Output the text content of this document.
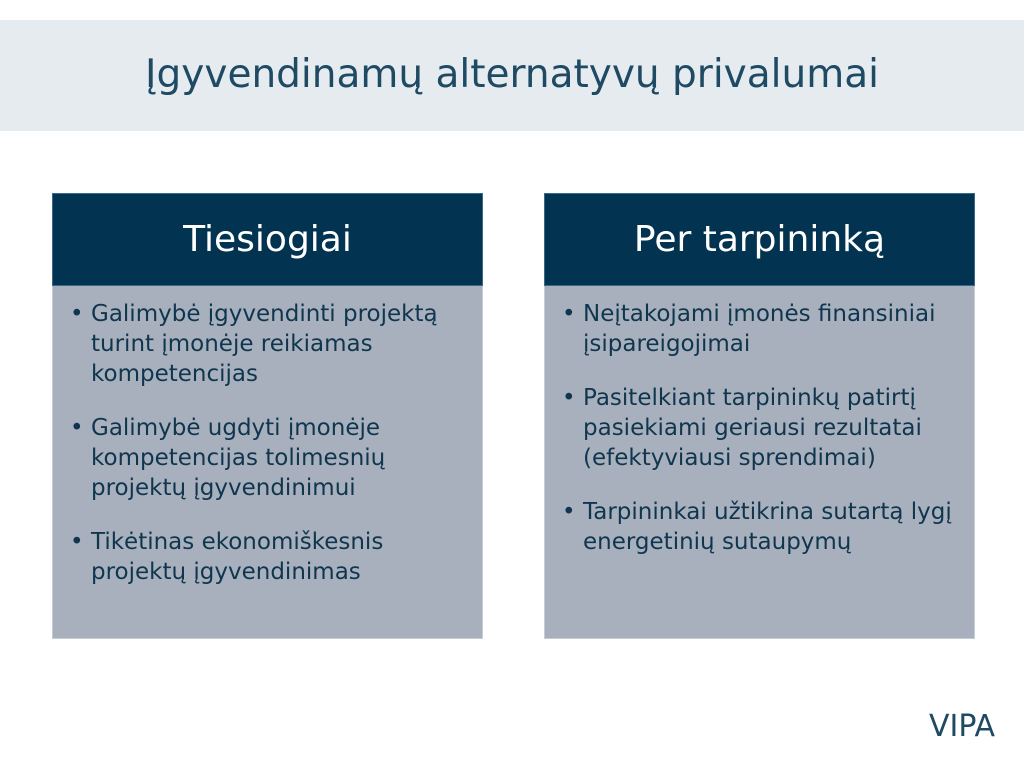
Įgyvendinamų alternatyvų privalumai
Tiesiogiai
• Galimybė įgyvendinti projektą turint įmonėje reikiamas kompetencijas
• Galimybė ugdyti įmonėje kompetencijas tolimesnių projektų įgyvendinimui
• Tikėtinas ekonomiškesnis projektų įgyvendinimas
Per tarpininką
• Neįtakojami įmonės finansiniai įsipareigojimai
• Pasitelkiant tarpininkų patirtį pasiekiami geriausi rezultatai (efektyviausi sprendimai)
• Tarpininkai užtikrina sutartą lygį energetinių sutaupymų
VIPA
